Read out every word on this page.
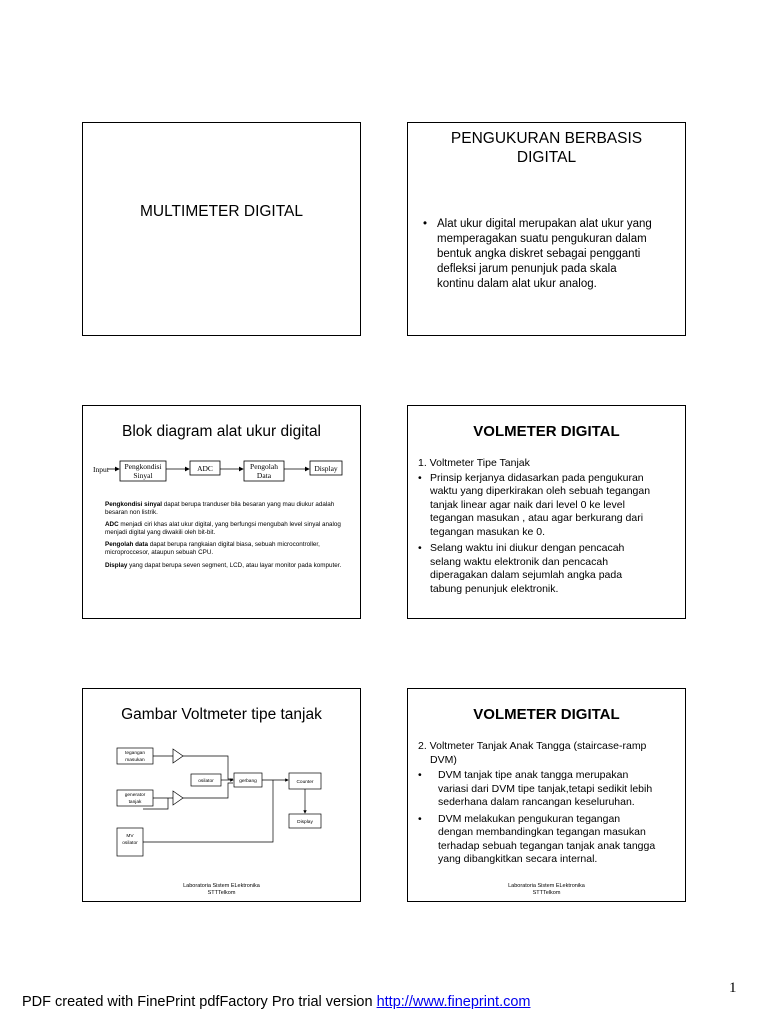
MULTIMETER DIGITAL
PENGUKURAN BERBASIS
DIGITAL
• Alat ukur digital merupakan alat ukur yang
memperagakan suatu pengukuran dalam
bentuk angka diskret sebagai pengganti
defleksi jarum penunjuk pada skala
kontinu dalam alat ukur analog.
Blok diagram alat ukur digital
Input Pengkondisi
Sinyal
ADC	Pengolah
Data
Display

Pengkondisi sinyal dapat berupa tranduser bila besaran yang mau diukur adalah besaran non listrik.

ADC menjadi ciri khas alat ukur digital, yang berfungsi mengubah level sinyal analog menjadi digital yang diwakili oleh bit-bit.

Pengolah data dapat berupa rangkaian digital biasa, sebuah microcontroller, microproccesor, ataupun sebuah CPU.

Display yang dapat berupa seven segment, LCD, atau layar monitor pada komputer.

VOLMETER DIGITAL
1. Voltmeter Tipe Tanjak
• Prinsip kerjanya didasarkan pada pengukuran
waktu yang diperkirakan oleh sebuah tegangan
tanjak linear agar naik dari level 0 ke level
tegangan masukan , atau agar berkurang dari
tegangan masukan ke 0.
• Selang waktu ini diukur dengan pencacah
selang waktu elektronik dan pencacah
diperagakan dalam sejumlah angka pada
tabung penunjuk elektronik.
Gambar Voltmeter tipe tanjak
tegangan
masukan
generator
tanjak
MV
osilator
osilator	gerbang	Counter
Display
Laboratoria Sistem ELektronika
STTTelkom
VOLMETER DIGITAL
2. Voltmeter Tanjak Anak Tangga (staircase-ramp
DVM)
• DVM tanjak tipe anak tangga merupakan
variasi dari DVM tipe tanjak,tetapi sedikit lebih
sederhana dalam rancangan keseluruhan.
• DVM melakukan pengukuran tegangan
dengan membandingkan tegangan masukan
terhadap sebuah tegangan tanjak anak tangga
yang dibangkitkan secara internal.
Laboratoria Sistem ELektronika
STTTelkom
1
PDF created with FinePrint pdfFactory Pro trial version http://www.fineprint.com
